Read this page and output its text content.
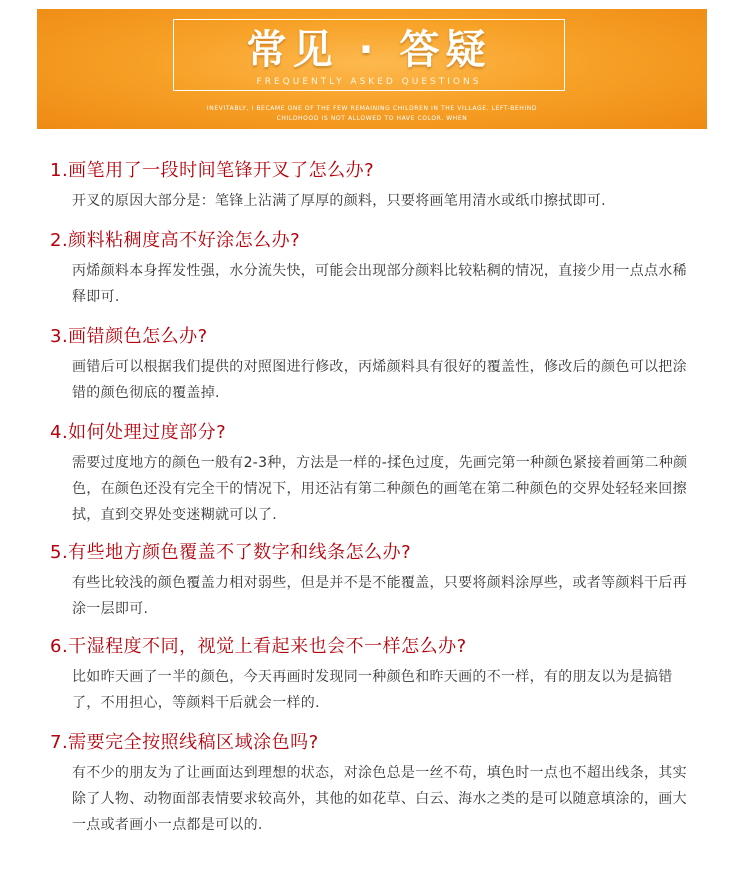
常见 · 答疑
FREQUENTLY ASKED QUESTIONS
INEVITABLY, I BECAME ONE OF THE FEW REMAINING CHILDREN IN THE VILLAGE. LEFT-BEHIND
CHILDHOOD IS NOT ALLOWED TO HAVE COLOR. WHEN

1.画笔用了一段时间笔锋开叉了怎么办?

开叉的原因大部分是：笔锋上沾满了厚厚的颜料，只要将画笔用清水或纸巾擦拭即可.

2.颜料粘稠度高不好涂怎么办?

丙烯颜料本身挥发性强，水分流失快，可能会出现部分颜料比较粘稠的情况，直接少用一点点水稀释即可.

3.画错颜色怎么办?

画错后可以根据我们提供的对照图进行修改，丙烯颜料具有很好的覆盖性，修改后的颜色可以把涂错的颜色彻底的覆盖掉.

4.如何处理过度部分?

需要过度地方的颜色一般有2-3种，方法是一样的-揉色过度，先画完第一种颜色紧接着画第二种颜色，在颜色还没有完全干的情况下，用还沾有第二种颜色的画笔在第二种颜色的交界处轻轻来回擦拭，直到交界处变迷糊就可以了.

5.有些地方颜色覆盖不了数字和线条怎么办?

有些比较浅的颜色覆盖力相对弱些，但是并不是不能覆盖，只要将颜料涂厚些，或者等颜料干后再涂一层即可.

6.干湿程度不同，视觉上看起来也会不一样怎么办?

比如昨天画了一半的颜色，今天再画时发现同一种颜色和昨天画的不一样，有的朋友以为是搞错了，不用担心，等颜料干后就会一样的.

7.需要完全按照线稿区域涂色吗?

有不少的朋友为了让画面达到理想的状态，对涂色总是一丝不苟，填色时一点也不超出线条，其实除了人物、动物面部表情要求较高外，其他的如花草、白云、海水之类的是可以随意填涂的，画大一点或者画小一点都是可以的.
